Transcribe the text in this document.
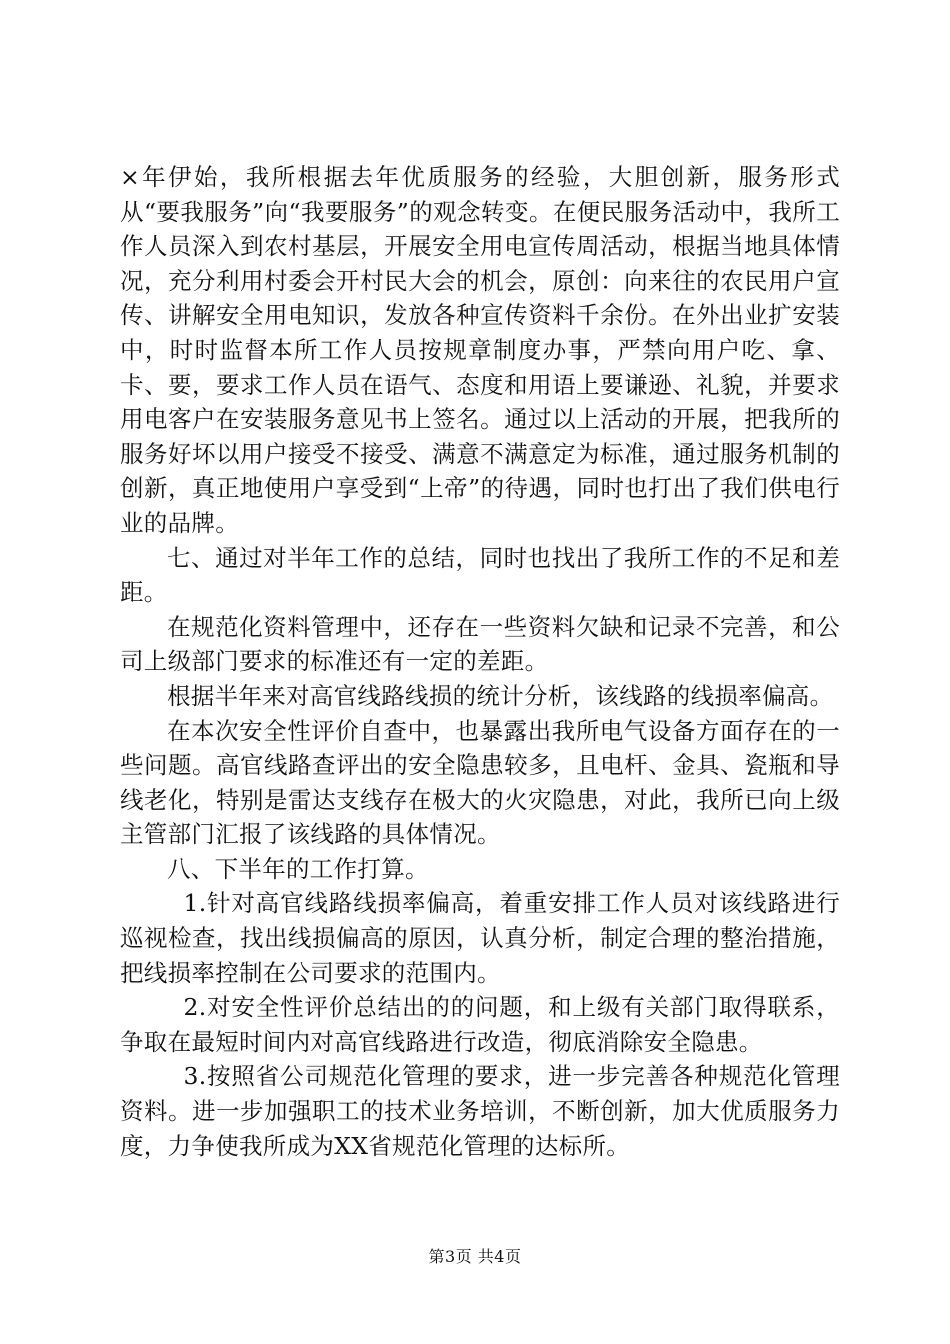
×年伊始，我所根据去年优质服务的经验，大胆创新，服务形式从“要我服务”向“我要服务”的观念转变。在便民服务活动中，我所工作人员深入到农村基层，开展安全用电宣传周活动，根据当地具体情况，充分利用村委会开村民大会的机会，原创：向来往的农民用户宣传、讲解安全用电知识，发放各种宣传资料千余份。在外出业扩安装中，时时监督本所工作人员按规章制度办事，严禁向用户吃、拿、卡、要，要求工作人员在语气、态度和用语上要谦逊、礼貌，并要求用电客户在安装服务意见书上签名。通过以上活动的开展，把我所的服务好坏以用户接受不接受、满意不满意定为标准，通过服务机制的创新，真正地使用户享受到“上帝”的待遇，同时也打出了我们供电行业的品牌。

七、通过对半年工作的总结，同时也找出了我所工作的不足和差距。

在规范化资料管理中，还存在一些资料欠缺和记录不完善，和公司上级部门要求的标准还有一定的差距。

根据半年来对高官线路线损的统计分析，该线路的线损率偏高。

在本次安全性评价自查中，也暴露出我所电气设备方面存在的一些问题。高官线路查评出的安全隐患较多，且电杆、金具、瓷瓶和导线老化，特别是雷达支线存在极大的火灾隐患，对此，我所已向上级主管部门汇报了该线路的具体情况。

八、下半年的工作打算。

1.针对高官线路线损率偏高，着重安排工作人员对该线路进行巡视检查，找出线损偏高的原因，认真分析，制定合理的整治措施，把线损率控制在公司要求的范围内。

2.对安全性评价总结出的的问题，和上级有关部门取得联系，争取在最短时间内对高官线路进行改造，彻底消除安全隐患。

3.按照省公司规范化管理的要求，进一步完善各种规范化管理资料。进一步加强职工的技术业务培训，不断创新，加大优质服务力度，力争使我所成为XX省规范化管理的达标所。

第3页 共4页
